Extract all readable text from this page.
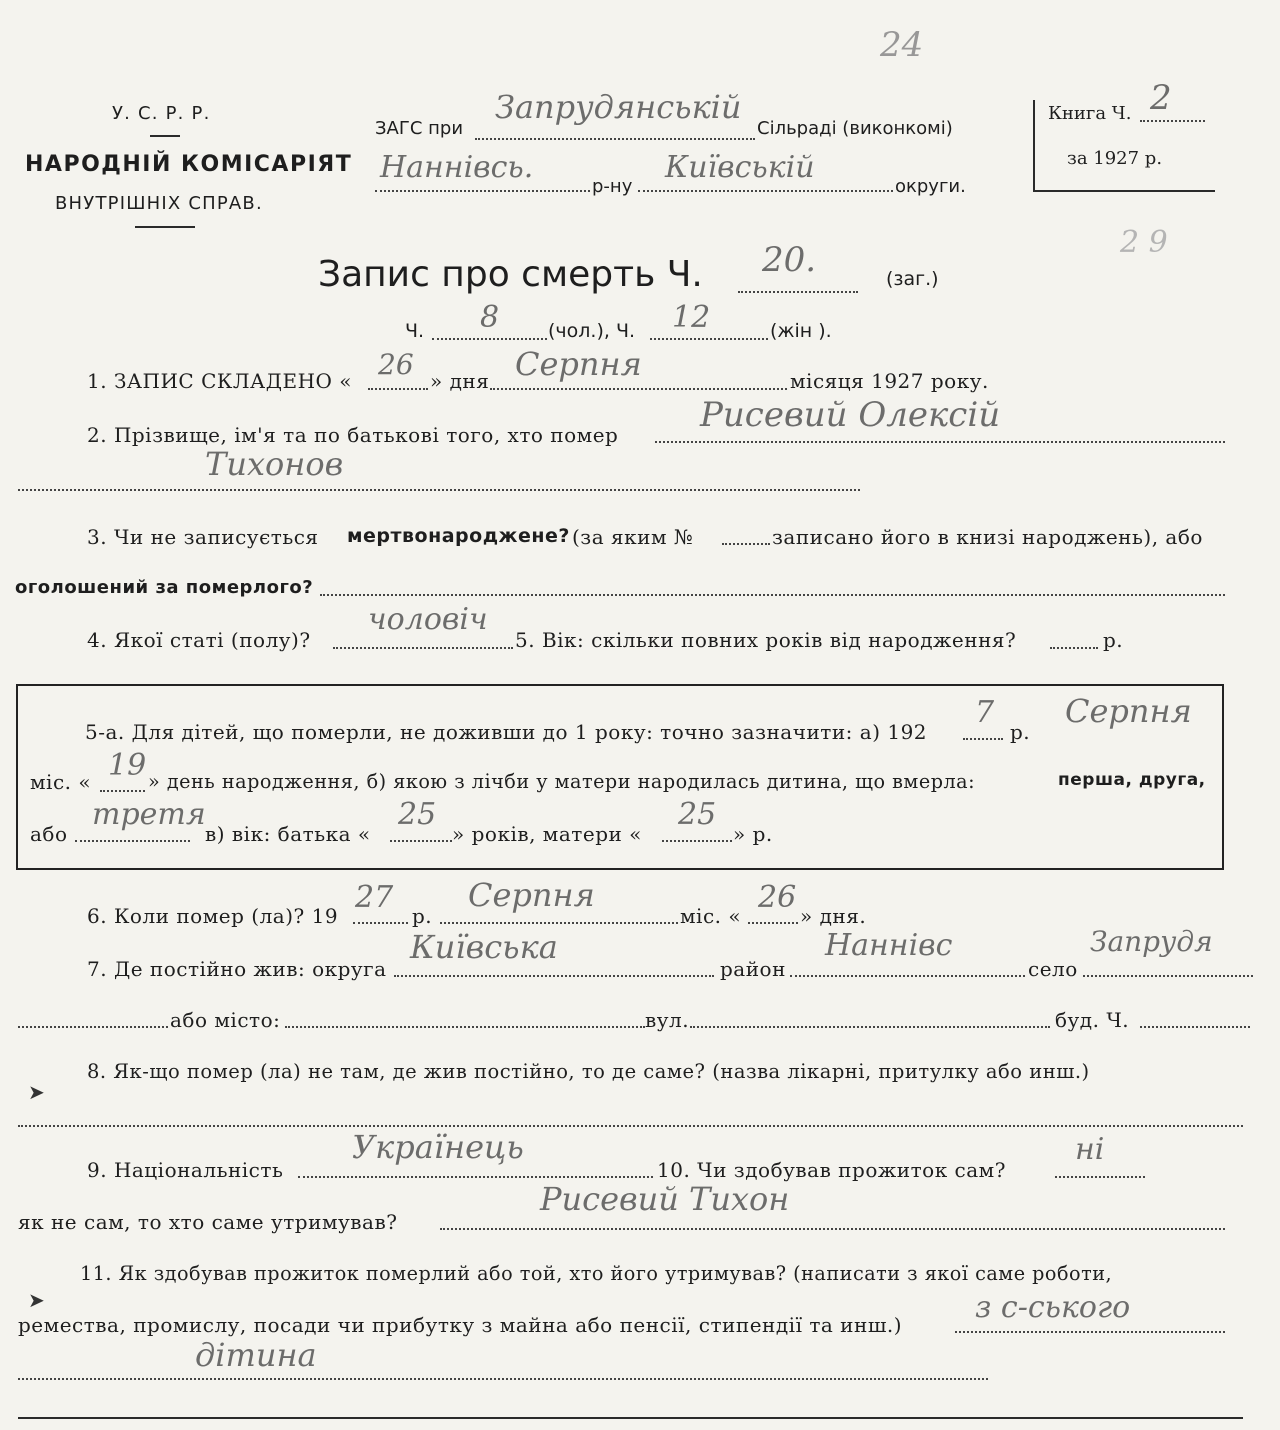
У. С. Р. Р.
НАРОДНІЙ КОМІСАРІЯТ
ВНУТРІШНІХ СПРАВ.
ЗАГС при
Запрудянськiй
Сільраді (виконкомі)
Наннiвсь.
р-ну
Київськiй
округи.
Книга Ч. 2
за 1927 р.
24
2 9
Запис про смерть Ч. 20.	(заг.)
Ч. 8	(чол.), Ч. 12	(жін ).
1. ЗАПИС СКЛАДЕНО « 26 » дня Серпня	місяця 1927 року.
2. Прізвище, ім'я та по батькові того, хто помер Рисевий Олексiй
Тихонов
3. Чи не записується мертвонароджене? (за яким №	записано його в книзі народжень), або
оголошений за померлого?
4. Якої статі (полу)?
чоловiч
5. Вік: скільки повних років від народження?	р.
5-а. Для дітей, що померли, не доживши до 1 року: точно зазначити: а) 192
7
р.
Серпня
міс. « 19 » день народження, б) якою з лічби у матери народилась дитина, що вмерла:	перша, друга,
або
третя
в) вік: батька «
25
» років, матери «
25
» р.
6. Коли помер (ла)? 19
27
р.
Серпня
міс. «
26
» дня.
7. Де постійно жив: округа
Київська
район
Наннiвс
село
Запрудя
або місто:	вул.	буд. Ч.
8. Як-що помер (ла) не там, де жив постійно, то де саме? (назва лікарні, притулку або инш.)
➤
9. Національність
Українець
10. Чи здобував прожиток сам?
ні
як не сам, то хто саме утримував?
Рисевий Тихон
11. Як здобував прожиток померлий або той, хто його утримував? (написати з якої саме роботи,
ремества, промислу, посади чи прибутку з майна або пенсії, стипендії та инш.)
➤	з с-ського
дiтина
